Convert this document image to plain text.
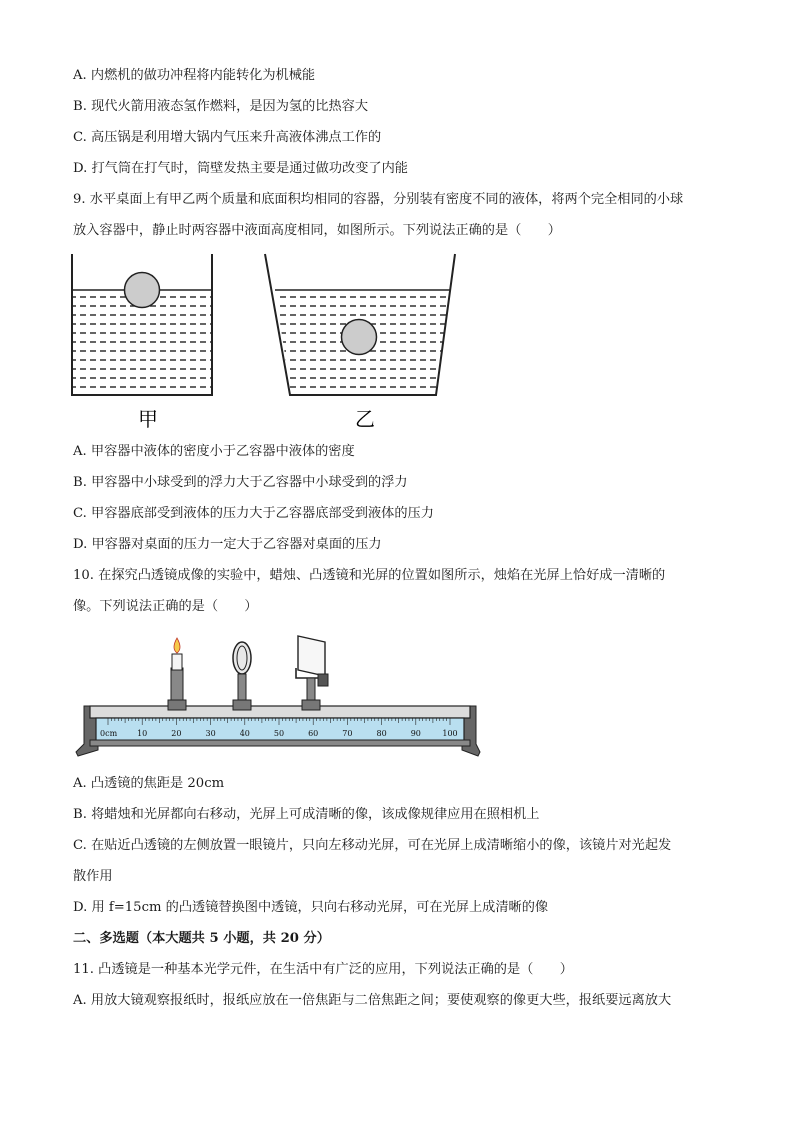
A. 内燃机的做功冲程将内能转化为机械能
B. 现代火箭用液态氢作燃料，是因为氢的比热容大
C. 高压锅是利用增大锅内气压来升高液体沸点工作的
D. 打气筒在打气时，筒壁发热主要是通过做功改变了内能
9. 水平桌面上有甲乙两个质量和底面积均相同的容器，分别装有密度不同的液体，将两个完全相同的小球
放入容器中，静止时两容器中液面高度相同，如图所示。下列说法正确的是（　　）
甲	乙
A. 甲容器中液体的密度小于乙容器中液体的密度
B. 甲容器中小球受到的浮力大于乙容器中小球受到的浮力
C. 甲容器底部受到液体的压力大于乙容器底部受到液体的压力
D. 甲容器对桌面的压力一定大于乙容器对桌面的压力
10. 在探究凸透镜成像的实验中，蜡烛、凸透镜和光屏的位置如图所示，烛焰在光屏上恰好成一清晰的
像。下列说法正确的是（　　）
0cm 10	20	30	40	50	60	70	80	90	100
A. 凸透镜的焦距是 20cm
B. 将蜡烛和光屏都向右移动，光屏上可成清晰的像，该成像规律应用在照相机上
C. 在贴近凸透镜的左侧放置一眼镜片，只向左移动光屏，可在光屏上成清晰缩小的像，该镜片对光起发
散作用
D. 用 f=15cm 的凸透镜替换图中透镜，只向右移动光屏，可在光屏上成清晰的像
二、多选题（本大题共 5 小题，共 20 分）
11. 凸透镜是一种基本光学元件，在生活中有广泛的应用，下列说法正确的是（　　）
A. 用放大镜观察报纸时，报纸应放在一倍焦距与二倍焦距之间；要使观察的像更大些，报纸要远离放大
